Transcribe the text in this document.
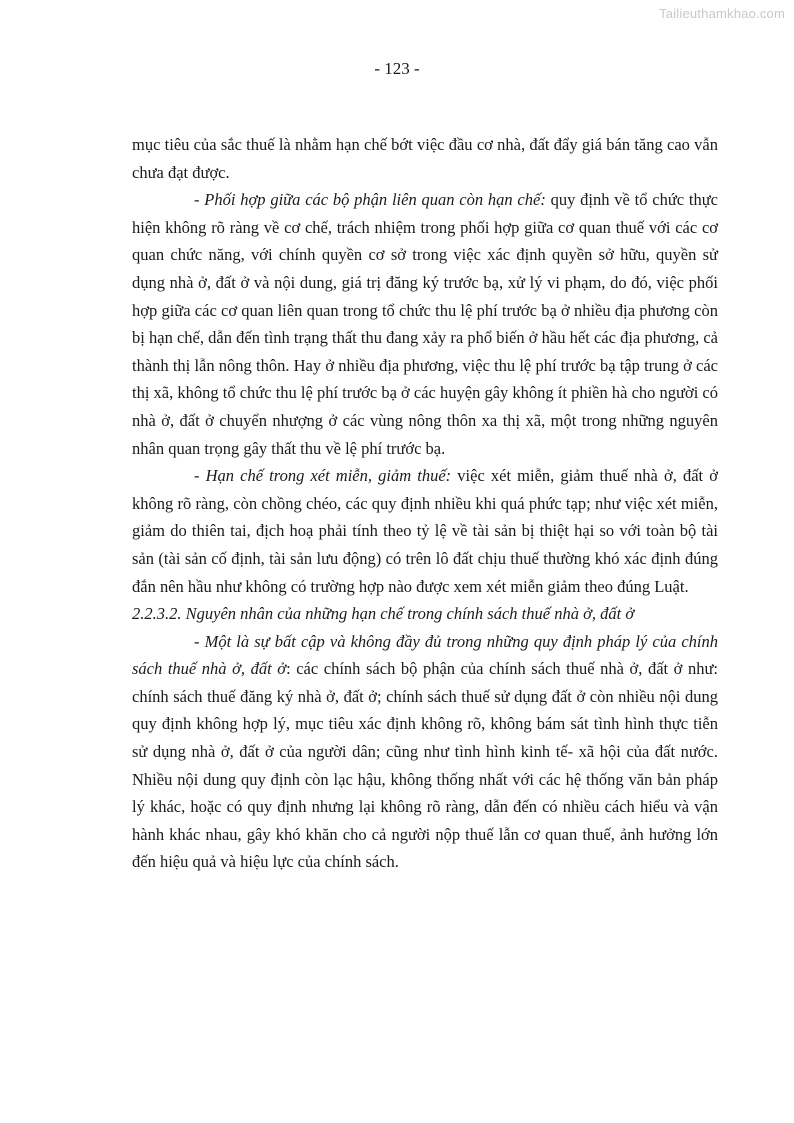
Tailieuthamkhao.com
- 123 -

mục tiêu của sắc thuế là nhằm hạn chế bớt việc đầu cơ nhà, đất đẩy giá bán tăng cao vẫn chưa đạt được.

- Phối hợp giữa các bộ phận liên quan còn hạn chế: quy định về tổ chức thực hiện không rõ ràng về cơ chế, trách nhiệm trong phối hợp giữa cơ quan thuế với các cơ quan chức năng, với chính quyền cơ sở trong việc xác định quyền sở hữu, quyền sử dụng nhà ở, đất ở và nội dung, giá trị đăng ký trước bạ, xử lý vi phạm, do đó, việc phối hợp giữa các cơ quan liên quan trong tổ chức thu lệ phí trước bạ ở nhiều địa phương còn bị hạn chế, dẫn đến tình trạng thất thu đang xảy ra phổ biến ở hầu hết các địa phương, cả thành thị lẫn nông thôn. Hay ở nhiều địa phương, việc thu lệ phí trước bạ tập trung ở các thị xã, không tổ chức thu lệ phí trước bạ ở các huyện gây không ít phiền hà cho người có nhà ở, đất ở chuyển nhượng ở các vùng nông thôn xa thị xã, một trong những nguyên nhân quan trọng gây thất thu về lệ phí trước bạ.

- Hạn chế trong xét miễn, giảm thuế: việc xét miễn, giảm thuế nhà ở, đất ở không rõ ràng, còn chồng chéo, các quy định nhiều khi quá phức tạp; như việc xét miễn, giảm do thiên tai, địch hoạ phải tính theo tỷ lệ về tài sản bị thiệt hại so với toàn bộ tài sản (tài sản cố định, tài sản lưu động) có trên lô đất chịu thuế thường khó xác định đúng đắn nên hầu như không có trường hợp nào được xem xét miễn giảm theo đúng Luật.

2.2.3.2. Nguyên nhân của những hạn chế trong chính sách thuế nhà ở, đất ở

- Một là sự bất cập và không đầy đủ trong những quy định pháp lý của chính sách thuế nhà ở, đất ở: các chính sách bộ phận của chính sách thuế nhà ở, đất ở như: chính sách thuế đăng ký nhà ở, đất ở; chính sách thuế sử dụng đất ở còn nhiều nội dung quy định không hợp lý, mục tiêu xác định không rõ, không bám sát tình hình thực tiễn sử dụng nhà ở, đất ở của người dân; cũng như tình hình kinh tế- xã hội của đất nước. Nhiều nội dung quy định còn lạc hậu, không thống nhất với các hệ thống văn bản pháp lý khác, hoặc có quy định nhưng lại không rõ ràng, dẫn đến có nhiều cách hiểu và vận hành khác nhau, gây khó khăn cho cả người nộp thuế lẫn cơ quan thuế, ảnh hưởng lớn đến hiệu quả và hiệu lực của chính sách.
